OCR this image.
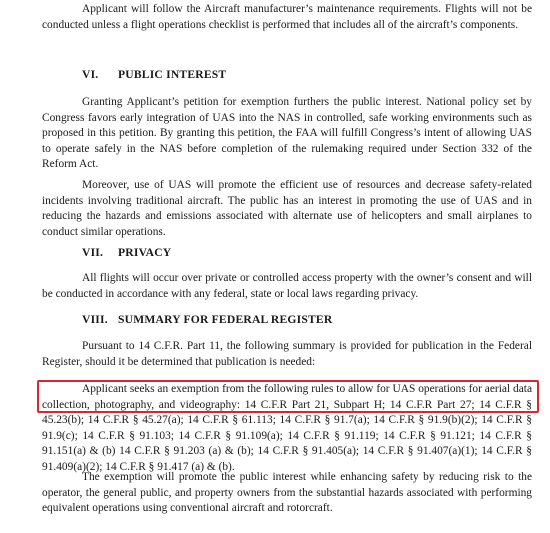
Applicant will follow the Aircraft manufacturer’s maintenance requirements. Flights will not be conducted unless a flight operations checklist is performed that includes all of the aircraft’s components.

VI. PUBLIC INTEREST

Granting Applicant’s petition for exemption furthers the public interest. National policy set by Congress favors early integration of UAS into the NAS in controlled, safe working environments such as proposed in this petition. By granting this petition, the FAA will fulfill Congress’s intent of allowing UAS to operate safely in the NAS before completion of the rulemaking required under Section 332 of the Reform Act.

Moreover, use of UAS will promote the efficient use of resources and decrease safety-related incidents involving traditional aircraft. The public has an interest in promoting the use of UAS and in reducing the hazards and emissions associated with alternate use of helicopters and small airplanes to conduct similar operations.

VII. PRIVACY

All flights will occur over private or controlled access property with the owner’s consent and will be conducted in accordance with any federal, state or local laws regarding privacy.

VIII. SUMMARY FOR FEDERAL REGISTER

Pursuant to 14 C.F.R. Part 11, the following summary is provided for publication in the Federal Register, should it be determined that publication is needed:

Applicant seeks an exemption from the following rules to allow for UAS operations for aerial data collection, photography, and videography: 14 C.F.R Part 21, Subpart H; 14 C.F.R Part 27; 14 C.F.R § 45.23(b); 14 C.F.R § 45.27(a); 14 C.F.R § 61.113; 14 C.F.R § 91.7(a); 14 C.F.R § 91.9(b)(2); 14 C.F.R § 91.9(c); 14 C.F.R § 91.103; 14 C.F.R § 91.109(a); 14 C.F.R § 91.119; 14 C.F.R § 91.121; 14 C.F.R § 91.151(a) & (b) 14 C.F.R § 91.203 (a) & (b); 14 C.F.R § 91.405(a); 14 C.F.R § 91.407(a)(1); 14 C.F.R § 91.409(a)(2); 14 C.F.R § 91.417 (a) & (b).

The exemption will promote the public interest while enhancing safety by reducing risk to the operator, the general public, and property owners from the substantial hazards associated with performing equivalent operations using conventional aircraft and rotorcraft.
